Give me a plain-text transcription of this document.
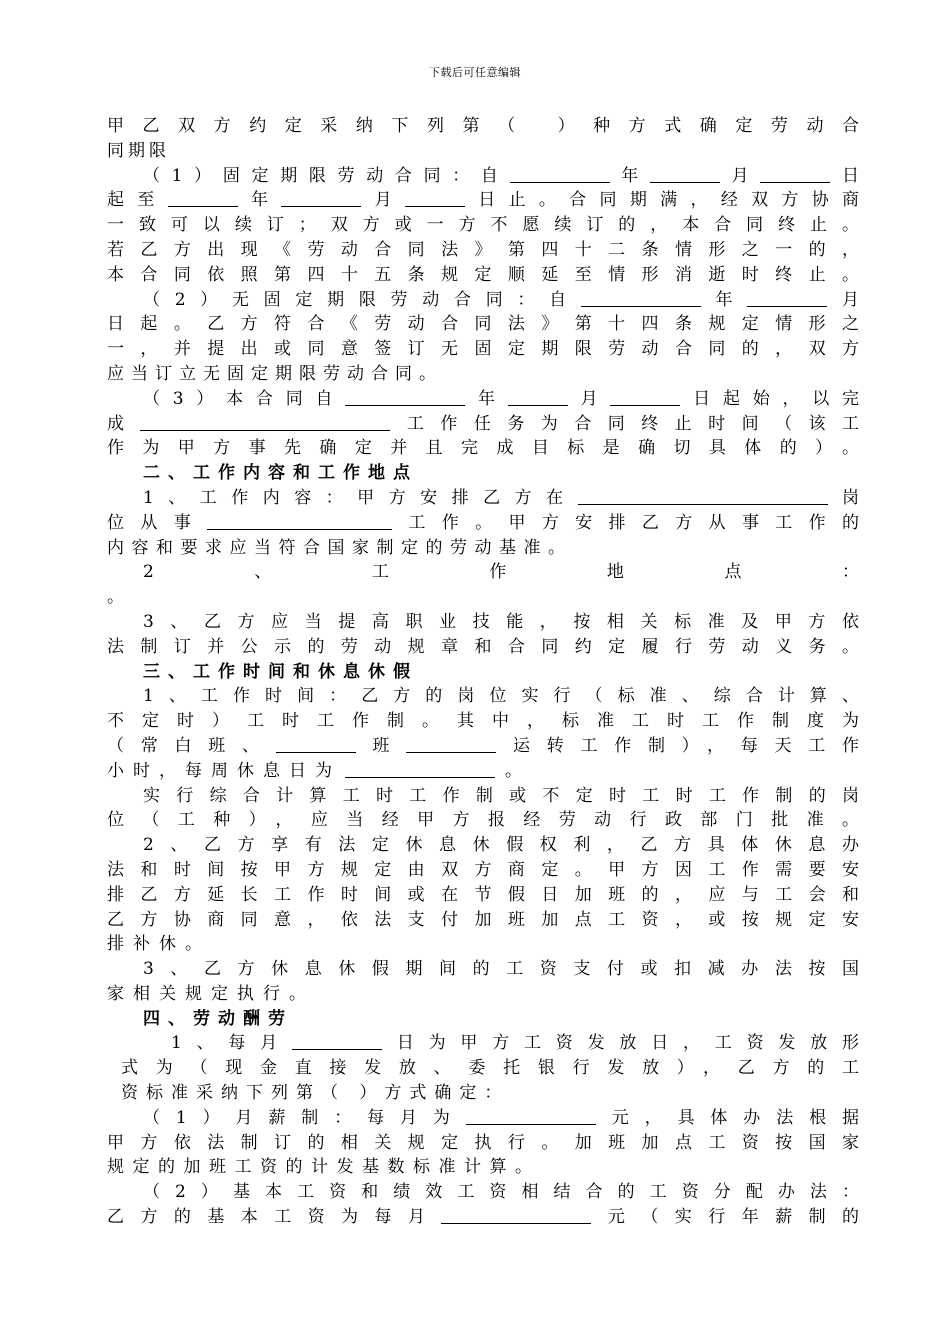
下载后可任意编辑
甲乙双方约定采纳下列第（ ）种方式确定劳动合
同期限
（1）固定期限劳动合同：自	年	月	日
起至	年	月	日止。合同期满，经双方协商
一致可以续订；双方或一方不愿续订的，本合同终止。
若乙方出现《劳动合同法》第四十二条情形之一的，
本合同依照第四十五条规定顺延至情形消逝时终止。
（2）无固定期限劳动合同：自	年	月
日起。乙方符合《劳动合同法》第十四条规定情形之
一，并提出或同意签订无固定期限劳动合同的，双方
应当订立无固定期限劳动合同。
（3）本合同自	年	月	日起始，以完
成	工作任务为合同终止时间（该工
作为甲方事先确定并且完成目标是确切具体的）。
二、工作内容和工作地点
1、工作内容：甲方安排乙方在	岗
位从事	工作。甲方安排乙方从事工作的
内容和要求应当符合国家制定的劳动基准。
2、工作地点：
。
3、乙方应当提高职业技能，按相关标准及甲方依
法制订并公示的劳动规章和合同约定履行劳动义务。
三、工作时间和休息休假
1、工作时间：乙方的岗位实行（标准、综合计算、
不定时）工时工作制。其中，标准工时工作制度为
（常白班、	班	运转工作制），每天工作
小时，每周休息日为	。
实行综合计算工时工作制或不定时工时工作制的岗
位（工种），应当经甲方报经劳动行政部门批准。
2、乙方享有法定休息休假权利，乙方具体休息办
法和时间按甲方规定由双方商定。甲方因工作需要安
排乙方延长工作时间或在节假日加班的，应与工会和
乙方协商同意，依法支付加班加点工资，或按规定安
排补休。
3、乙方休息休假期间的工资支付或扣减办法按国
家相关规定执行。
四、劳动酬劳
1、每月	日为甲方工资发放日，工资发放形
式为（现金直接发放、委托银行发放），乙方的工
资标准采纳下列第（ ）方式确定：
（1）月薪制：每月为	元，具体办法根据
甲方依法制订的相关规定执行。加班加点工资按国家
规定的加班工资的计发基数标准计算。
（2）基本工资和绩效工资相结合的工资分配办法：
乙方的基本工资为每月	元（实行年薪制的
